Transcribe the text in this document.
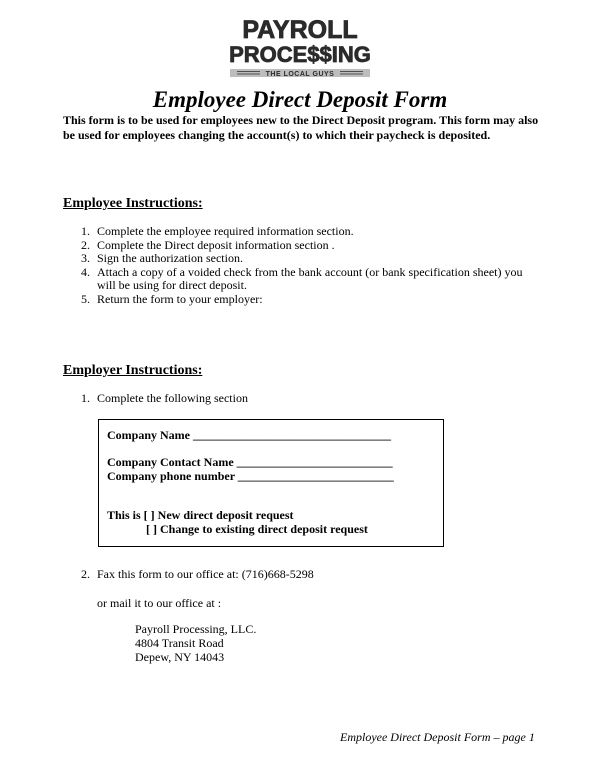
PAYROLL
PROCE$$ING
THE LOCAL GUYS
Employee Direct Deposit Form
This form is to be used for employees new to the Direct Deposit program. This form may also be used for employees changing the account(s) to which their paycheck is deposited.
Employee Instructions:
1. Complete the employee required information section.
2. Complete the Direct deposit information section .
3. Sign the authorization section.
4. Attach a copy of a voided check from the bank account (or bank specification sheet) you will be using for direct deposit.
5. Return the form to your employer:
Employer Instructions:
1. Complete the following section
Company Name _________________________________
Company Contact Name __________________________
Company phone number __________________________
This is [ ] New direct deposit request
[ ] Change to existing direct deposit request
2. Fax this form to our office at: (716)668-5298
or mail it to our office at :
Payroll Processing, LLC.
4804 Transit Road
Depew, NY 14043
Employee Direct Deposit Form – page 1
